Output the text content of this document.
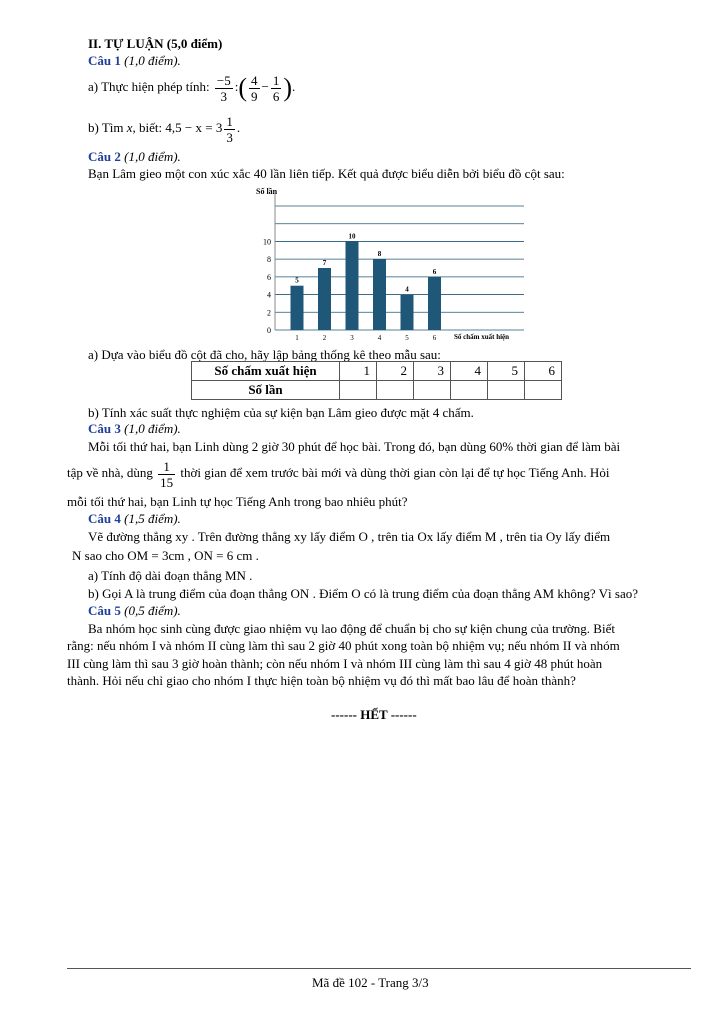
II. TỰ LUẬN (5,0 điểm)
Câu 1 (1,0 điểm).
a) Thực hiện phép tính: $\frac{-5}{3}$ :( $\frac{4}{9} - \frac{1}{6}$ ).
b) Tìm x, biết: $4,5 - x = 3 \frac{1}{3}$ .
Câu 2 (1,0 điểm).
Bạn Lâm gieo một con xúc xắc 40 lần liên tiếp. Kết quả được biểu diễn bởi biểu đồ cột sau:
Số lần
5
7
10
8
4
6
0
2
4
6
8
10
1	2	3	4	5	6	Số chấm xuất hiện
a) Dựa vào biểu đồ cột đã cho, hãy lập bảng thống kê theo mẫu sau:
Số chấm xuất hiện	1	2	3	4	5	6
Số lần						
b) Tính xác suất thực nghiệm của sự kiện bạn Lâm gieo được mặt 4 chấm.
Câu 3 (1,0 điểm).
Mỗi tối thứ hai, bạn Linh dùng 2 giờ 30 phút để học bài. Trong đó, bạn dùng 60% thời gian để làm bài
tập về nhà, dùng $\frac{1}{15}$ thời gian để xem trước bài mới và dùng thời gian còn lại để tự học Tiếng Anh. Hỏi
mỗi tối thứ hai, bạn Linh tự học Tiếng Anh trong bao nhiêu phút?
Câu 4 (1,5 điểm).
Vẽ đường thẳng xy . Trên đường thẳng xy lấy điểm O , trên tia Ox lấy điểm M , trên tia Oy lấy điểm
N sao cho OM = 3cm , ON = 6 cm .
a) Tính độ dài đoạn thẳng MN .
b) Gọi A là trung điểm của đoạn thẳng ON . Điểm O có là trung điểm của đoạn thẳng AM không? Vì sao?
Câu 5 (0,5 điểm).
Ba nhóm học sinh cùng được giao nhiệm vụ lao động để chuẩn bị cho sự kiện chung của trường. Biết
rằng: nếu nhóm I và nhóm II cùng làm thì sau 2 giờ 40 phút xong toàn bộ nhiệm vụ; nếu nhóm II và nhóm
III cùng làm thì sau 3 giờ hoàn thành; còn nếu nhóm I và nhóm III cùng làm thì sau 4 giờ 48 phút hoàn
thành. Hỏi nếu chỉ giao cho nhóm I thực hiện toàn bộ nhiệm vụ đó thì mất bao lâu để hoàn thành?
------ HẾT ------
Mã đề 102 - Trang 3/3
